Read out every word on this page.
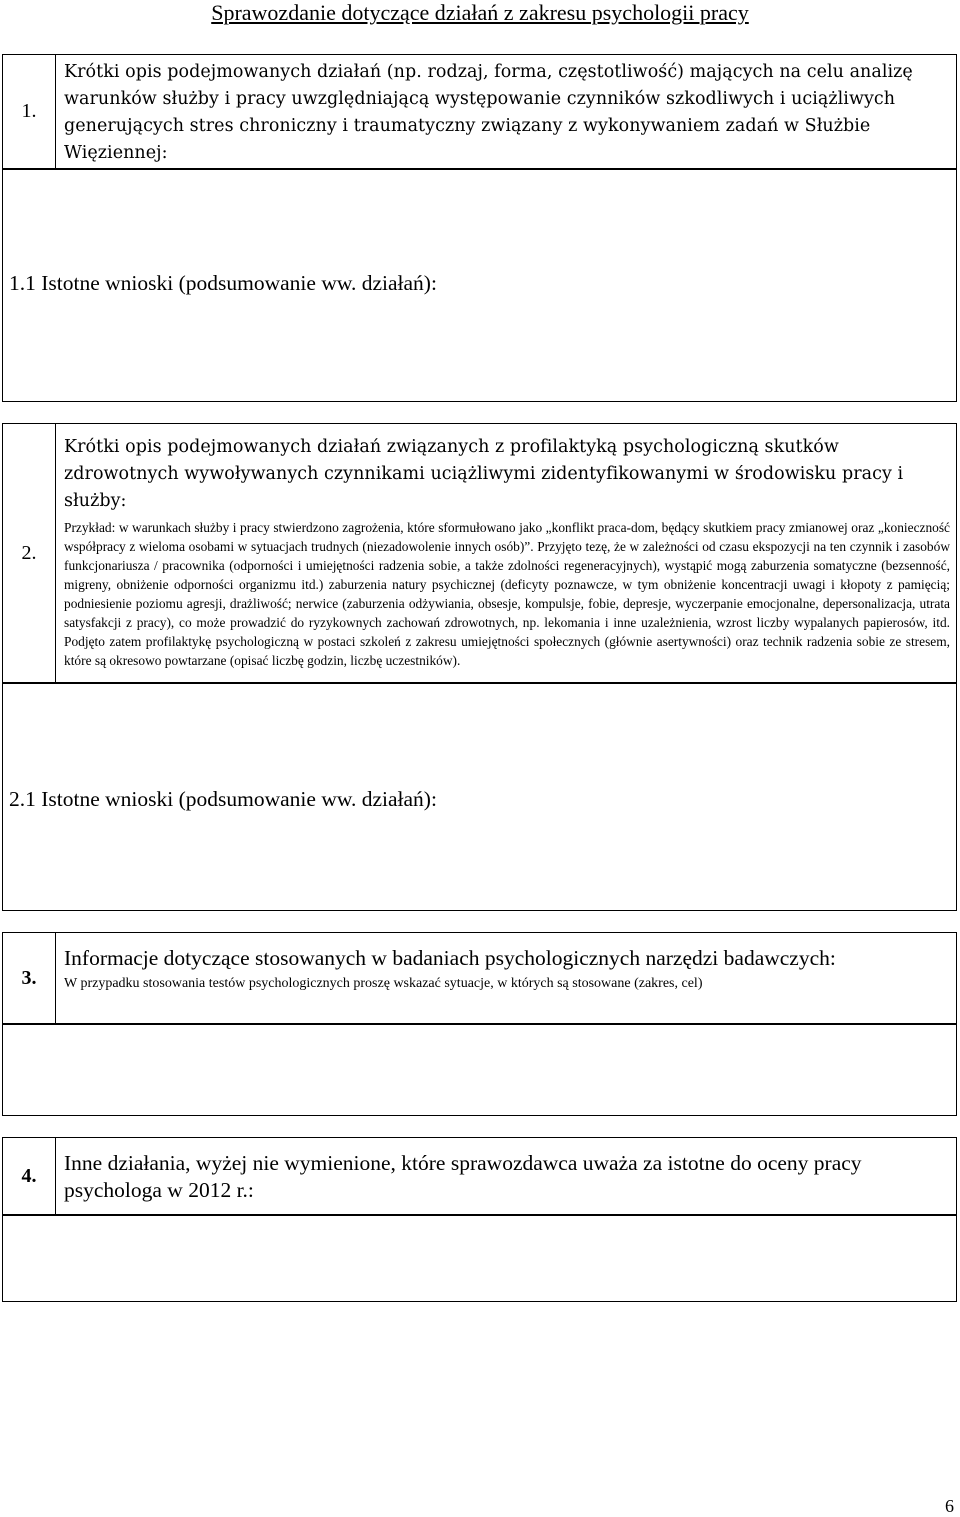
Sprawozdanie dotyczące działań z zakresu psychologii pracy
1.
Krótki opis podejmowanych działań (np. rodzaj, forma, częstotliwość) mających na celu analizę warunków służby i pracy uwzględniającą występowanie czynników szkodliwych i uciążliwych generujących stres chroniczny i traumatyczny związany z wykonywaniem zadań w Służbie Więziennej:
1.1 Istotne wnioski (podsumowanie ww. działań):
2.
Krótki opis podejmowanych działań związanych z profilaktyką psychologiczną skutków zdrowotnych wywoływanych czynnikami uciążliwymi zidentyfikowanymi w środowisku pracy i służby:
Przykład: w warunkach służby i pracy stwierdzono zagrożenia, które sformułowano jako „konflikt praca-dom, będący skutkiem pracy zmianowej oraz „konieczność współpracy z wieloma osobami w sytuacjach trudnych (niezadowolenie innych osób)”. Przyjęto tezę, że w zależności od czasu ekspozycji na ten czynnik i zasobów funkcjonariusza / pracownika (odporności i umiejętności radzenia sobie, a także zdolności regeneracyjnych), wystąpić mogą zaburzenia somatyczne (bezsenność, migreny, obniżenie odporności organizmu itd.) zaburzenia natury psychicznej (deficyty poznawcze, w tym obniżenie koncentracji uwagi i kłopoty z pamięcią; podniesienie poziomu agresji, drażliwość; nerwice (zaburzenia odżywiania, obsesje, kompulsje, fobie, depresje, wyczerpanie emocjonalne, depersonalizacja, utrata satysfakcji z pracy), co może prowadzić do ryzykownych zachowań zdrowotnych, np. lekomania i inne uzależnienia, wzrost liczby wypalanych papierosów, itd. Podjęto zatem profilaktykę psychologiczną w postaci szkoleń z zakresu umiejętności społecznych (głównie asertywności) oraz technik radzenia sobie ze stresem, które są okresowo powtarzane (opisać liczbę godzin, liczbę uczestników).
2.1 Istotne wnioski (podsumowanie ww. działań):
3.
Informacje dotyczące stosowanych w badaniach psychologicznych narzędzi badawczych:
W przypadku stosowania testów psychologicznych proszę wskazać sytuacje, w których są stosowane (zakres, cel)
4.
Inne działania, wyżej nie wymienione, które sprawozdawca uważa za istotne do oceny pracy psychologa w 2012 r.:
6
